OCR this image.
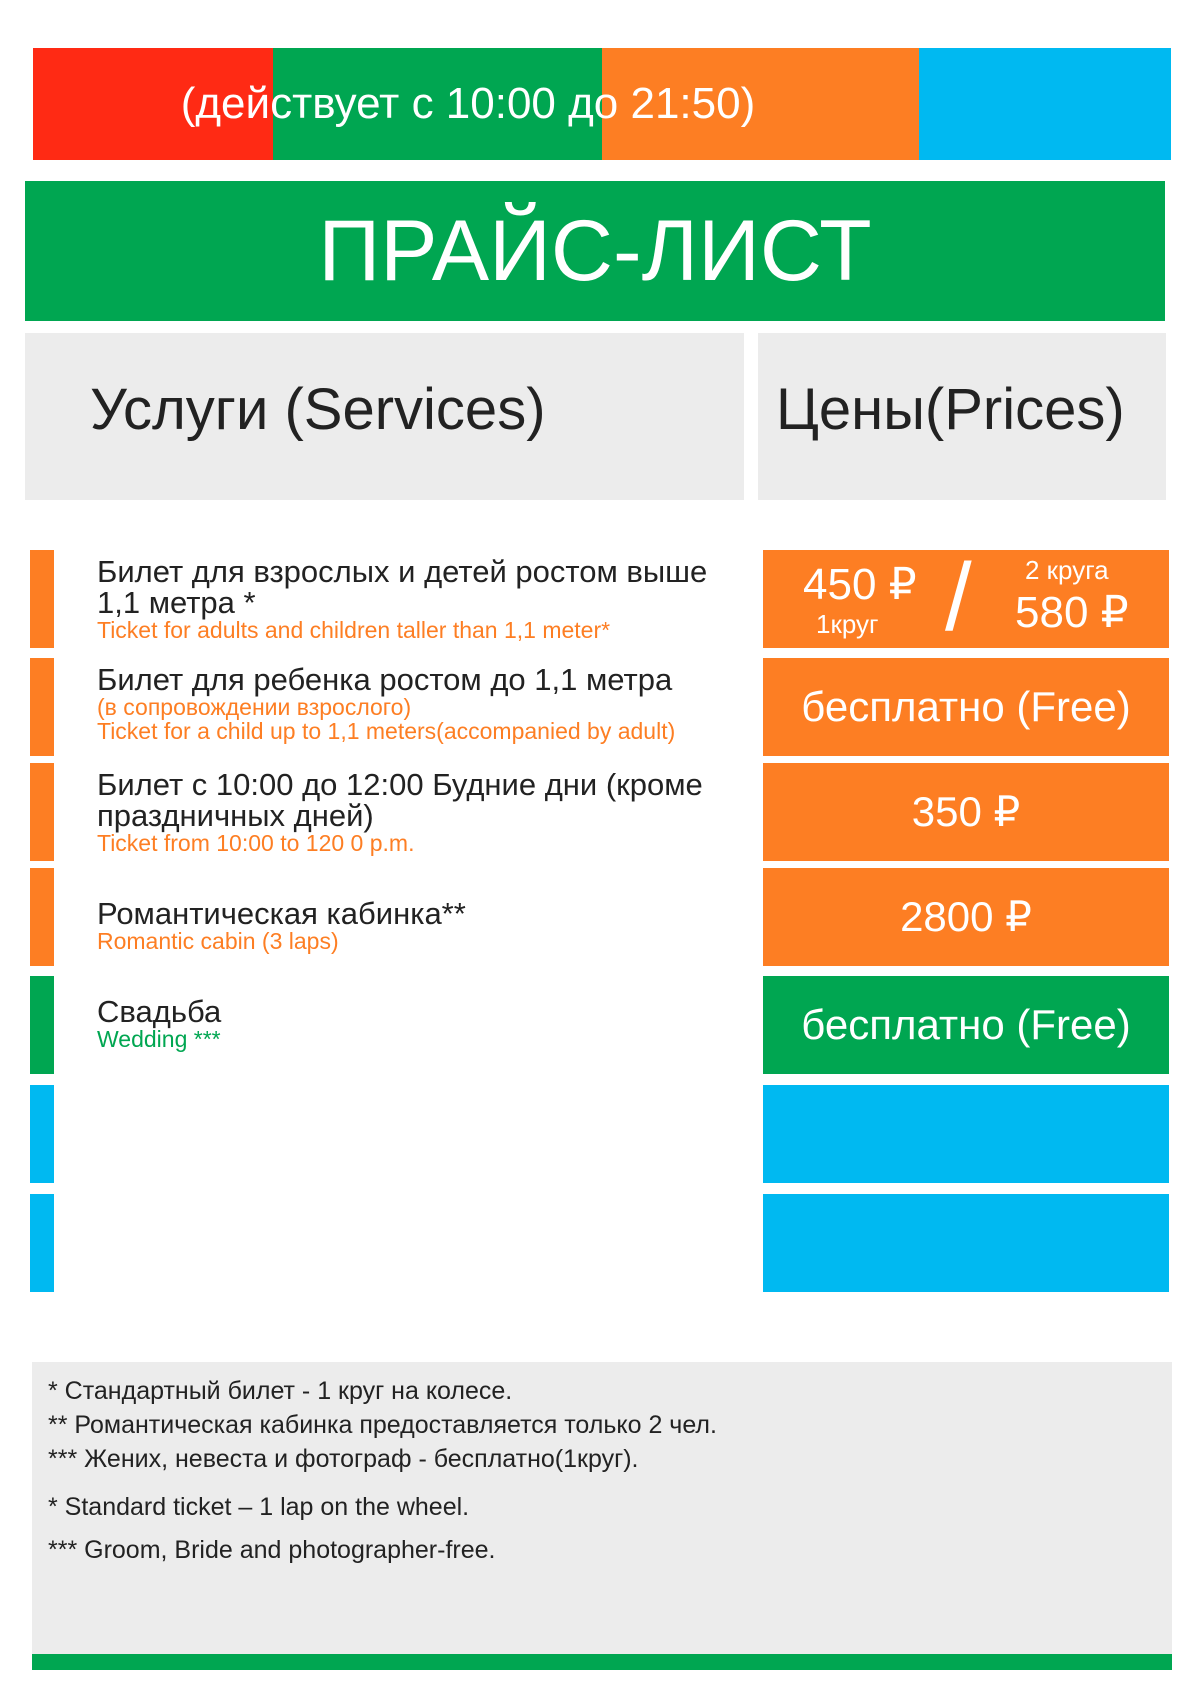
(действует с 10:00 до 21:50)
ПРАЙС-ЛИСТ
Услуги (Services)	Цены(Prices)
Билет для взрослых и детей ростом выше 1,1 метра *
Ticket for adults and children taller than 1,1 meter*
450 ₽
1круг / 2 круга
580 ₽
Билет для ребенка ростом до 1,1 метра
(в сопровождении взрослого)
Ticket for a child up to 1,1 meters(accompanied by adult)
бесплатно (Free)
Билет с 10:00 до 12:00 Будние дни (кроме праздничных дней)
Ticket from 10:00 to 120 0 p.m.
350 ₽
Романтическая кабинка**
Romantic cabin (3 laps)
2800 ₽
Свадьба
Wedding ***	бесплатно (Free)
* Стандартный билет - 1 круг на колесе.
** Романтическая кабинка предоставляется только 2 чел.
*** Жених, невеста и фотограф - бесплатно(1круг).
* Standard ticket – 1 lap on the wheel.
*** Groom, Bride and photographer-free.
